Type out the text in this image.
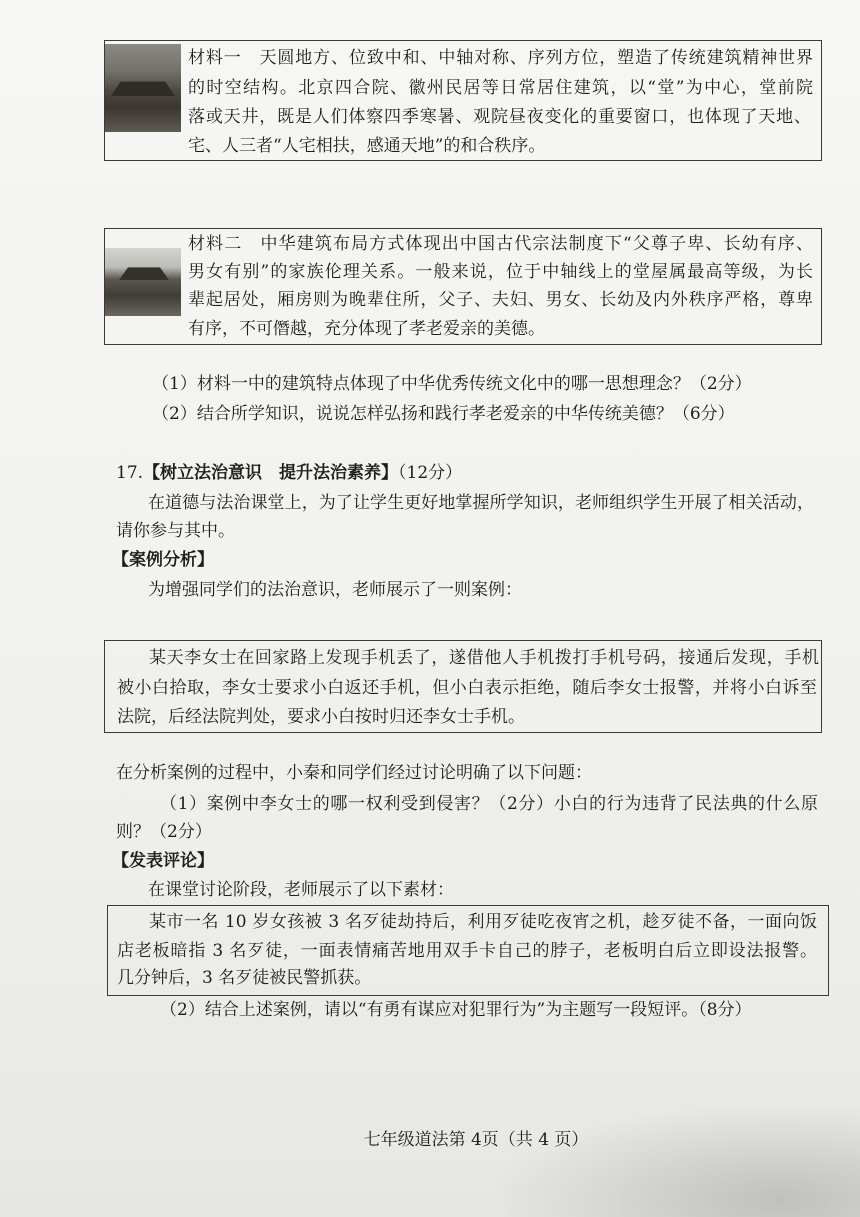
材料一　天圆地方、位致中和、中轴对称、序列方位，塑造了传统建筑精神世界
的时空结构。北京四合院、徽州民居等日常居住建筑，以“堂”为中心，堂前院
落或天井，既是人们体察四季寒暑、观院昼夜变化的重要窗口，也体现了天地、
宅、人三者“人宅相扶，感通天地”的和合秩序。
材料二　中华建筑布局方式体现出中国古代宗法制度下“父尊子卑、长幼有序、
男女有别”的家族伦理关系。一般来说，位于中轴线上的堂屋属最高等级，为长
辈起居处，厢房则为晚辈住所，父子、夫妇、男女、长幼及内外秩序严格，尊卑
有序，不可僭越，充分体现了孝老爱亲的美德。
（1）材料一中的建筑特点体现了中华优秀传统文化中的哪一思想理念？（2分）
（2）结合所学知识，说说怎样弘扬和践行孝老爱亲的中华传统美德？（6分）
17.【树立法治意识　提升法治素养】（12分）
在道德与法治课堂上，为了让学生更好地掌握所学知识，老师组织学生开展了相关活动，
请你参与其中。
【案例分析】
为增强同学们的法治意识，老师展示了一则案例：
某天李女士在回家路上发现手机丢了，遂借他人手机拨打手机号码，接通后发现，手机
被小白拾取，李女士要求小白返还手机，但小白表示拒绝，随后李女士报警，并将小白诉至
法院，后经法院判处，要求小白按时归还李女士手机。
在分析案例的过程中，小秦和同学们经过讨论明确了以下问题：
（1）案例中李女士的哪一权利受到侵害？（2分）小白的行为违背了民法典的什么原
则？（2分）
【发表评论】
在课堂讨论阶段，老师展示了以下素材：
某市一名 10 岁女孩被 3 名歹徒劫持后，利用歹徒吃夜宵之机，趁歹徒不备，一面向饭
店老板暗指 3 名歹徒，一面表情痛苦地用双手卡自己的脖子，老板明白后立即设法报警。
几分钟后，3 名歹徒被民警抓获。
（2）结合上述案例，请以“有勇有谋应对犯罪行为”为主题写一段短评。（8分）
七年级道法第 4页（共 4 页）
